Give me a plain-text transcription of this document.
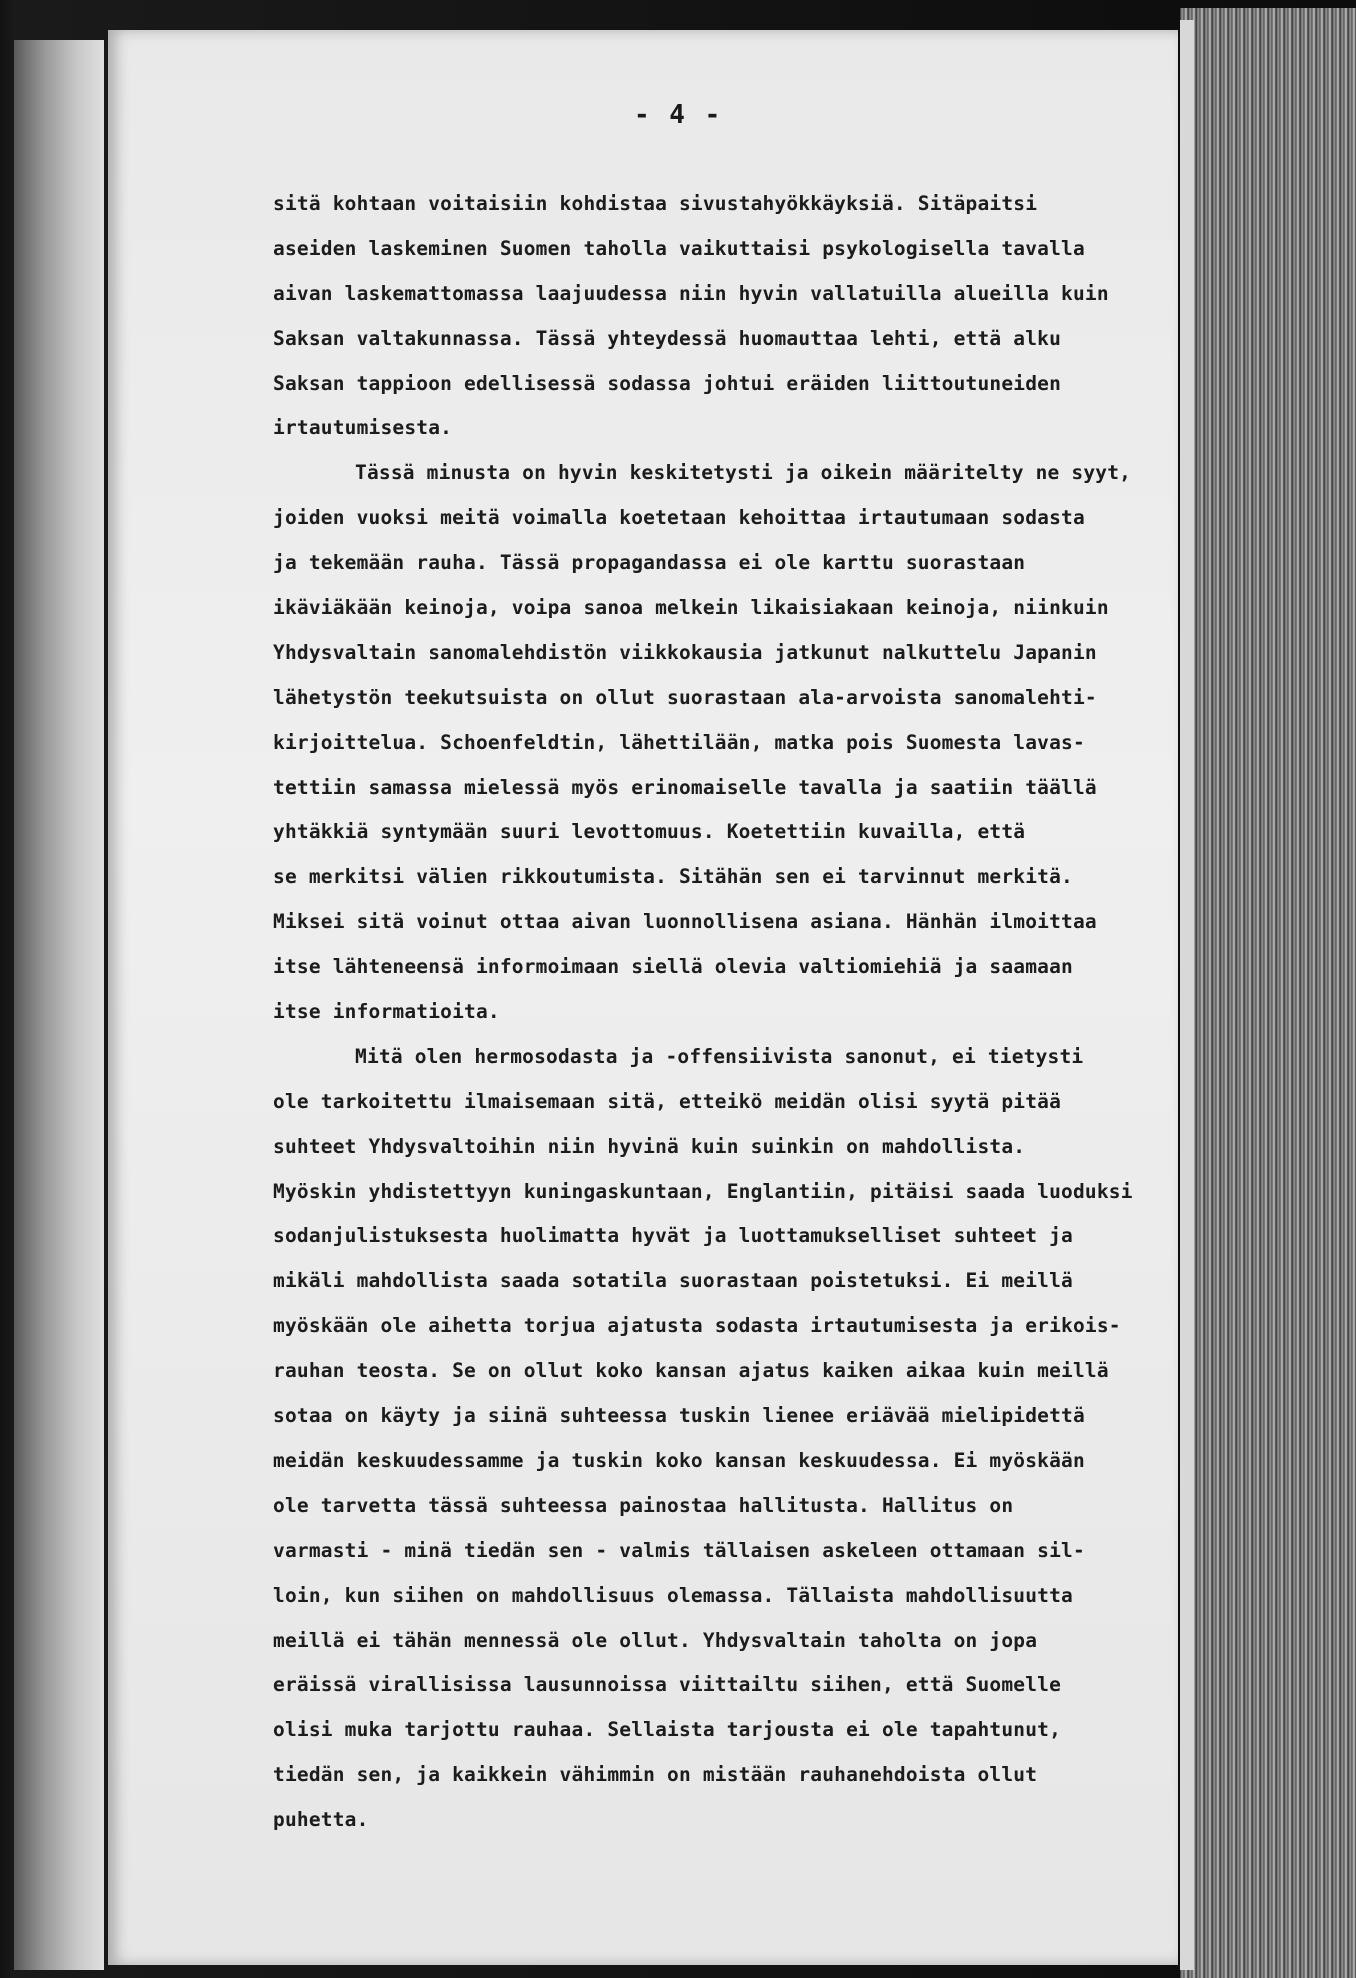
- 4 -
sitä kohtaan voitaisiin kohdistaa sivustahyökkäyksiä. Sitäpaitsi
aseiden laskeminen Suomen taholla vaikuttaisi psykologisella tavalla
aivan laskemattomassa laajuudessa niin hyvin vallatuilla alueilla kuin
Saksan valtakunnassa. Tässä yhteydessä huomauttaa lehti, että alku
Saksan tappioon edellisessä sodassa johtui eräiden liittoutuneiden
irtautumisesta.
Tässä minusta on hyvin keskitetysti ja oikein määritelty ne syyt,
joiden vuoksi meitä voimalla koetetaan kehoittaa irtautumaan sodasta
ja tekemään rauha. Tässä propagandassa ei ole karttu suorastaan
ikäviäkään keinoja, voipa sanoa melkein likaisiakaan keinoja, niinkuin
Yhdysvaltain sanomalehdistön viikkokausia jatkunut nalkuttelu Japanin
lähetystön teekutsuista on ollut suorastaan ala-arvoista sanomalehti-
kirjoittelua. Schoenfeldtin, lähettilään, matka pois Suomesta lavas-
tettiin samassa mielessä myös erinomaiselle tavalla ja saatiin täällä
yhtäkkiä syntymään suuri levottomuus. Koetettiin kuvailla, että
se merkitsi välien rikkoutumista. Sitähän sen ei tarvinnut merkitä.
Miksei sitä voinut ottaa aivan luonnollisena asiana. Hänhän ilmoittaa
itse lähteneensä informoimaan siellä olevia valtiomiehiä ja saamaan
itse informatioita.
Mitä olen hermosodasta ja -offensiivista sanonut, ei tietysti
ole tarkoitettu ilmaisemaan sitä, etteikö meidän olisi syytä pitää
suhteet Yhdysvaltoihin niin hyvinä kuin suinkin on mahdollista.
Myöskin yhdistettyyn kuningaskuntaan, Englantiin, pitäisi saada luoduksi
sodanjulistuksesta huolimatta hyvät ja luottamukselliset suhteet ja
mikäli mahdollista saada sotatila suorastaan poistetuksi. Ei meillä
myöskään ole aihetta torjua ajatusta sodasta irtautumisesta ja erikois-
rauhan teosta. Se on ollut koko kansan ajatus kaiken aikaa kuin meillä
sotaa on käyty ja siinä suhteessa tuskin lienee eriävää mielipidettä
meidän keskuudessamme ja tuskin koko kansan keskuudessa. Ei myöskään
ole tarvetta tässä suhteessa painostaa hallitusta. Hallitus on
varmasti - minä tiedän sen - valmis tällaisen askeleen ottamaan sil-
loin, kun siihen on mahdollisuus olemassa. Tällaista mahdollisuutta
meillä ei tähän mennessä ole ollut. Yhdysvaltain taholta on jopa
eräissä virallisissa lausunnoissa viittailtu siihen, että Suomelle
olisi muka tarjottu rauhaa. Sellaista tarjousta ei ole tapahtunut,
tiedän sen, ja kaikkein vähimmin on mistään rauhanehdoista ollut
puhetta.
